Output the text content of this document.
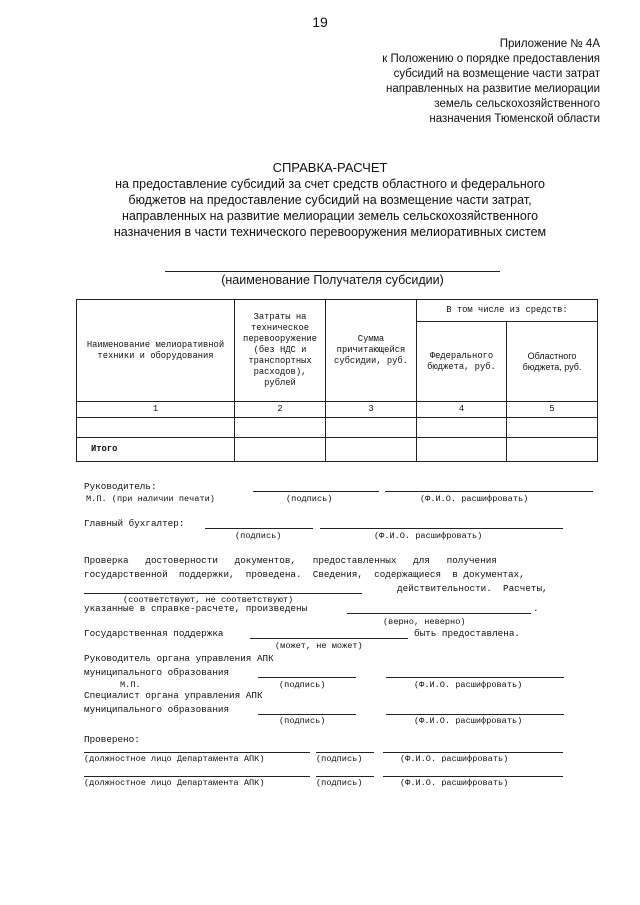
19
Приложение № 4А
к Положению о порядке предоставления
субсидий на возмещение части затрат
направленных на развитие мелиорации
земель сельскохозяйственного
назначения Тюменской области
СПРАВКА-РАСЧЕТ
на предоставление субсидий за счет средств областного и федерального
бюджетов на предоставление субсидий на возмещение части затрат,
направленных на развитие мелиорации земель сельскохозяйственного
назначения в части технического перевооружения мелиоративных систем
(наименование Получателя субсидии)
Наименование мелиоративной техники и оборудования	Затраты на техническое перевооружение (без НДС и транспортных расходов), рублей	Сумма причитающейся субсидии, руб.	В том числе из средств:	
			Федерального бюджета, руб.	Областного бюджета, руб.
1	2	3	4	5

Итого				
Руководитель:
М.П. (при наличии печати)	(подпись)	(Ф.И.О. расшифровать)
Главный бухгалтер:
(подпись)	(Ф.И.О. расшифровать)
Проверка   достоверности   документов,   предоставленных   для   получения
государственной  поддержки,  проведена.  Сведения,  содержащиеся  в документах,
действительности.  Расчеты,
(соответствуют, не соответствуют)
указанные в справке-расчете, произведены	.
(верно, неверно)
Государственная поддержка	быть предоставлена.
(может, не может)
Руководитель органа управления АПК
муниципального образования
М.П.	(подпись)	(Ф.И.О. расшифровать)
Специалист органа управления АПК
муниципального образования
(подпись)	(Ф.И.О. расшифровать)
Проверено:
(должностное лицо Департамента АПК)	(подпись)	(Ф.И.О. расшифровать)
(должностное лицо Департамента АПК)	(подпись)	(Ф.И.О. расшифровать)
